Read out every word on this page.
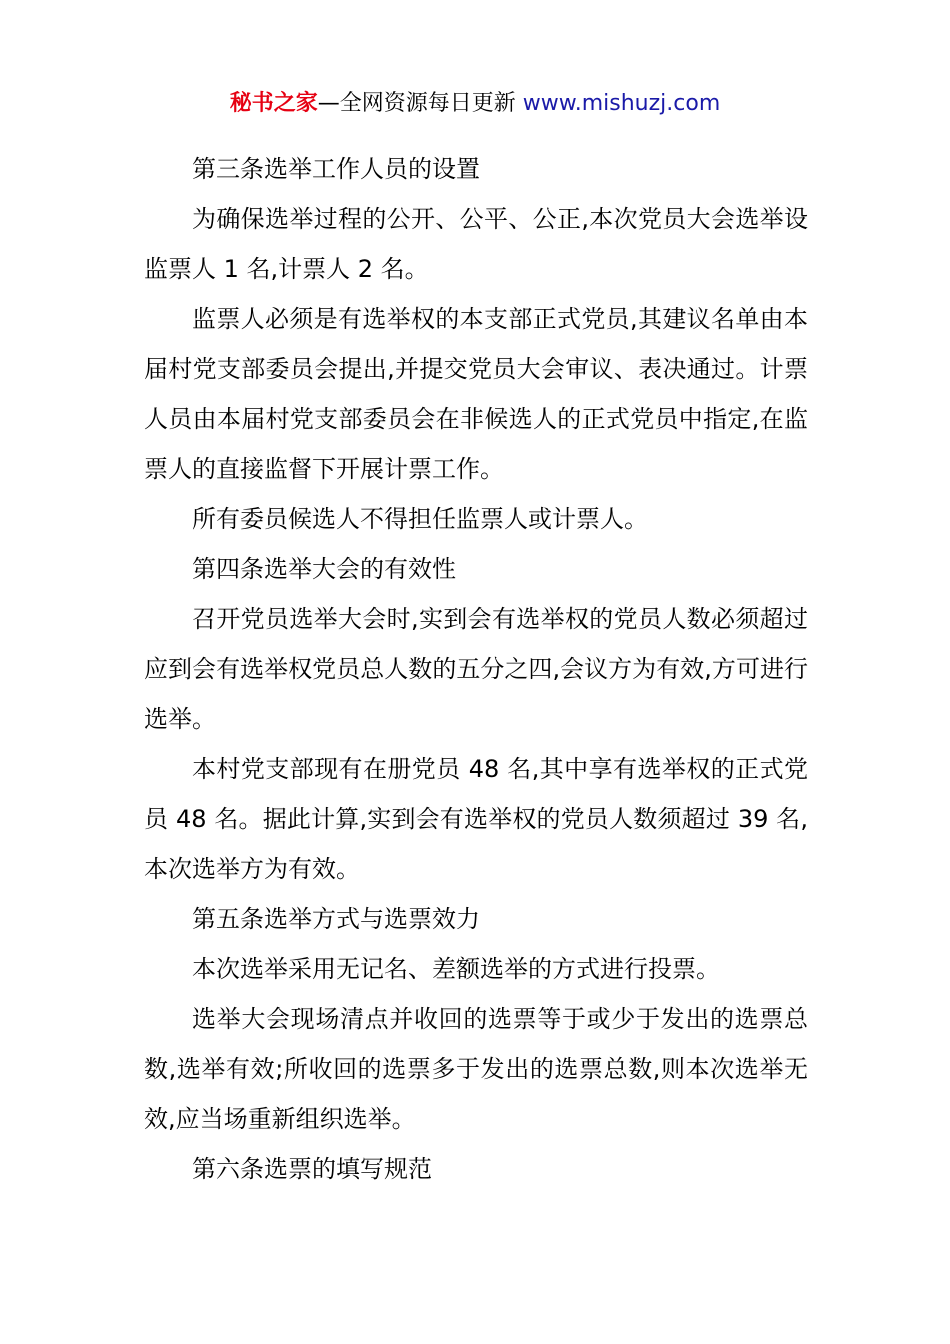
秘书之家—全网资源每日更新 www.mishuzj.com

第三条选举工作人员的设置

为确保选举过程的公开、公平、公正,本次党员大会选举设监票人 1 名,计票人 2 名。

监票人必须是有选举权的本支部正式党员,其建议名单由本届村党支部委员会提出,并提交党员大会审议、表决通过。计票人员由本届村党支部委员会在非候选人的正式党员中指定,在监票人的直接监督下开展计票工作。

所有委员候选人不得担任监票人或计票人。

第四条选举大会的有效性

召开党员选举大会时,实到会有选举权的党员人数必须超过应到会有选举权党员总人数的五分之四,会议方为有效,方可进行选举。

本村党支部现有在册党员 48 名,其中享有选举权的正式党员 48 名。据此计算,实到会有选举权的党员人数须超过 39 名,本次选举方为有效。

第五条选举方式与选票效力

本次选举采用无记名、差额选举的方式进行投票。

选举大会现场清点并收回的选票等于或少于发出的选票总数,选举有效;所收回的选票多于发出的选票总数,则本次选举无效,应当场重新组织选举。

第六条选票的填写规范
